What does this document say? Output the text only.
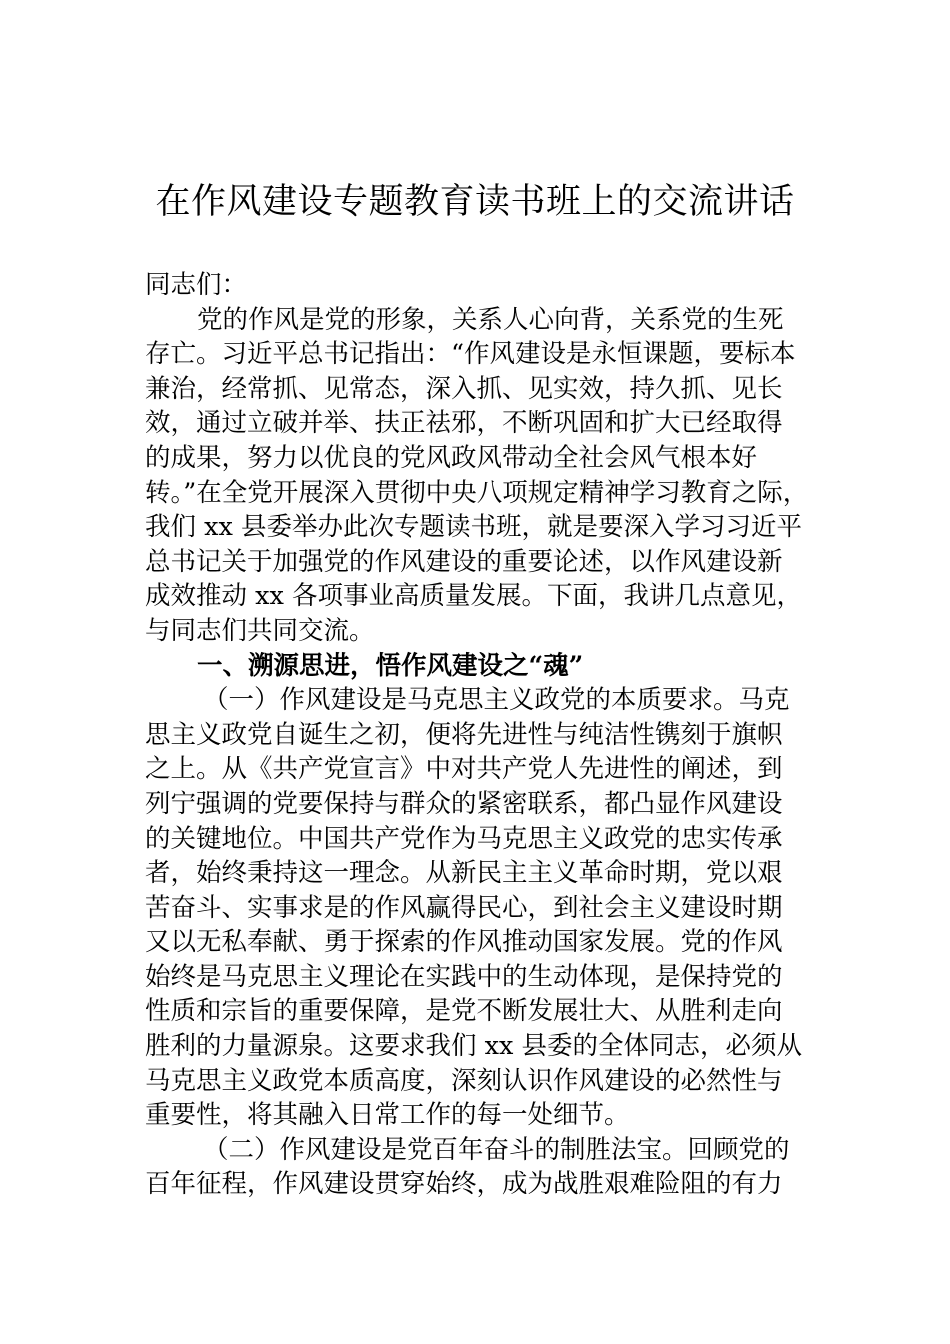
在作风建设专题教育读书班上的交流讲话
同志们：
党的作风是党的形象，关系人心向背，关系党的生死
存亡。习近平总书记指出：“作风建设是永恒课题，要标本
兼治，经常抓、见常态，深入抓、见实效，持久抓、见长
效，通过立破并举、扶正祛邪，不断巩固和扩大已经取得
的成果，努力以优良的党风政风带动全社会风气根本好
转。”在全党开展深入贯彻中央八项规定精神学习教育之际，
我们 xx 县委举办此次专题读书班，就是要深入学习习近平
总书记关于加强党的作风建设的重要论述，以作风建设新
成效推动 xx 各项事业高质量发展。下面，我讲几点意见，
与同志们共同交流。
一、溯源思进，悟作风建设之“魂”
（一）作风建设是马克思主义政党的本质要求。马克
思主义政党自诞生之初，便将先进性与纯洁性镌刻于旗帜
之上。从《共产党宣言》中对共产党人先进性的阐述，到
列宁强调的党要保持与群众的紧密联系，都凸显作风建设
的关键地位。中国共产党作为马克思主义政党的忠实传承
者，始终秉持这一理念。从新民主主义革命时期，党以艰
苦奋斗、实事求是的作风赢得民心，到社会主义建设时期
又以无私奉献、勇于探索的作风推动国家发展。党的作风
始终是马克思主义理论在实践中的生动体现，是保持党的
性质和宗旨的重要保障，是党不断发展壮大、从胜利走向
胜利的力量源泉。这要求我们 xx 县委的全体同志，必须从
马克思主义政党本质高度，深刻认识作风建设的必然性与
重要性，将其融入日常工作的每一处细节。
（二）作风建设是党百年奋斗的制胜法宝。回顾党的
百年征程，作风建设贯穿始终，成为战胜艰难险阻的有力
